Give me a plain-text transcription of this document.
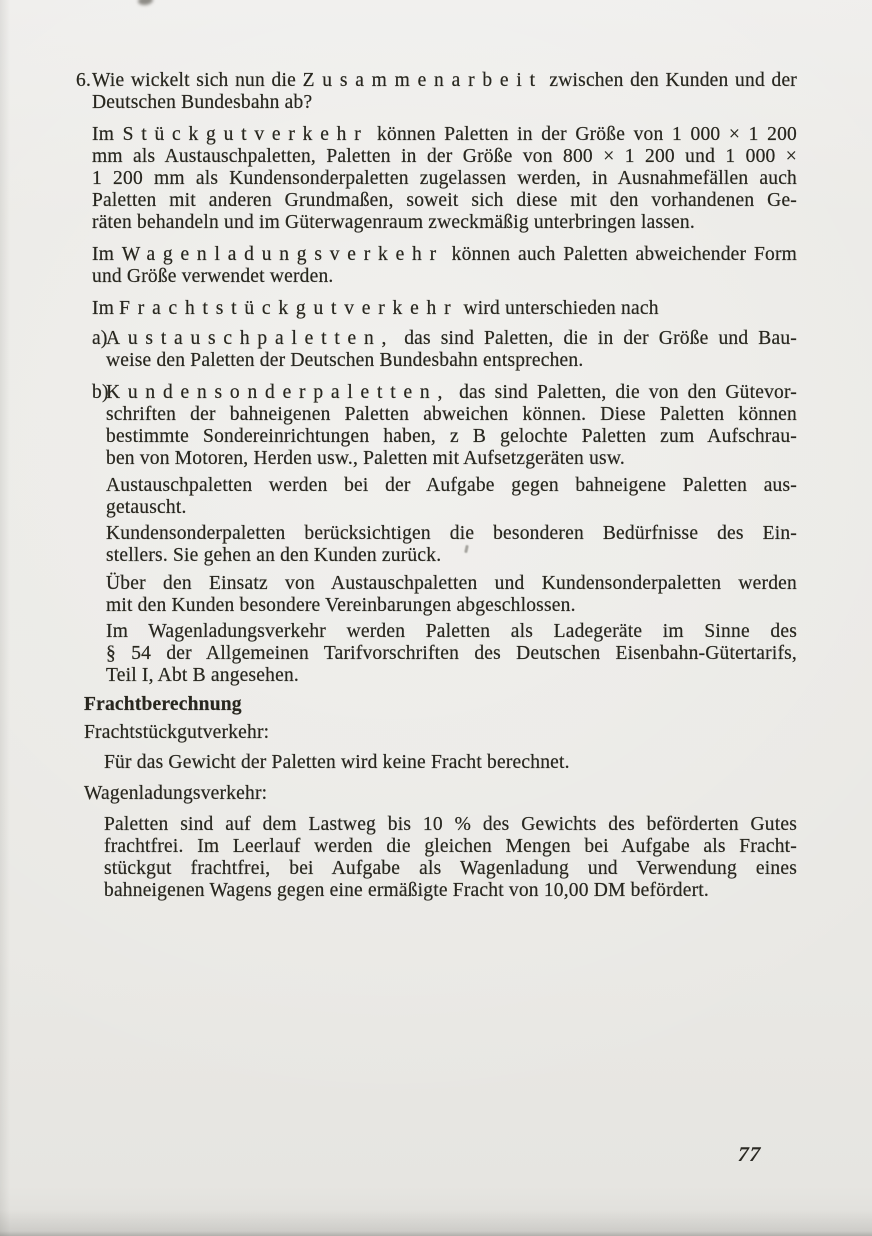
6. Wie wickelt sich nun die Zusammenarbeit zwischen den Kunden und der
Deutschen Bundesbahn ab?
Im Stückgutverkehr können Paletten in der Größe von 1 000 × 1 200
mm als Austauschpaletten, Paletten in der Größe von 800 × 1 200 und 1 000 ×
1 200 mm als Kundensonderpaletten zugelassen werden, in Ausnahmefällen auch
Paletten mit anderen Grundmaßen, soweit sich diese mit den vorhandenen Ge-
räten behandeln und im Güterwagenraum zweckmäßig unterbringen lassen.
Im Wagenladungsverkehr können auch Paletten abweichender Form
und Größe verwendet werden.
Im Frachtstückgutverkehr wird unterschieden nach
a)
Austauschpaletten, das sind Paletten, die in der Größe und Bau-
weise den Paletten der Deutschen Bundesbahn entsprechen.
b)
Kundensonderpaletten, das sind Paletten, die von den Gütevor-
schriften der bahneigenen Paletten abweichen können. Diese Paletten können
bestimmte Sondereinrichtungen haben, z B gelochte Paletten zum Aufschrau-
ben von Motoren, Herden usw., Paletten mit Aufsetzgeräten usw.
Austauschpaletten werden bei der Aufgabe gegen bahneigene Paletten aus-
getauscht.
Kundensonderpaletten berücksichtigen die besonderen Bedürfnisse des Ein-
stellers. Sie gehen an den Kunden zurück.
Über den Einsatz von Austauschpaletten und Kundensonderpaletten werden
mit den Kunden besondere Vereinbarungen abgeschlossen.
Im Wagenladungsverkehr werden Paletten als Ladegeräte im Sinne des
§ 54 der Allgemeinen Tarifvorschriften des Deutschen Eisenbahn-Gütertarifs,
Teil I, Abt B angesehen.
Frachtberechnung
Frachtstückgutverkehr:
Für das Gewicht der Paletten wird keine Fracht berechnet.
Wagenladungsverkehr:
Paletten sind auf dem Lastweg bis 10 % des Gewichts des beförderten Gutes
frachtfrei. Im Leerlauf werden die gleichen Mengen bei Aufgabe als Fracht-
stückgut frachtfrei, bei Aufgabe als Wagenladung und Verwendung eines
bahneigenen Wagens gegen eine ermäßigte Fracht von 10,00 DM befördert.
77
